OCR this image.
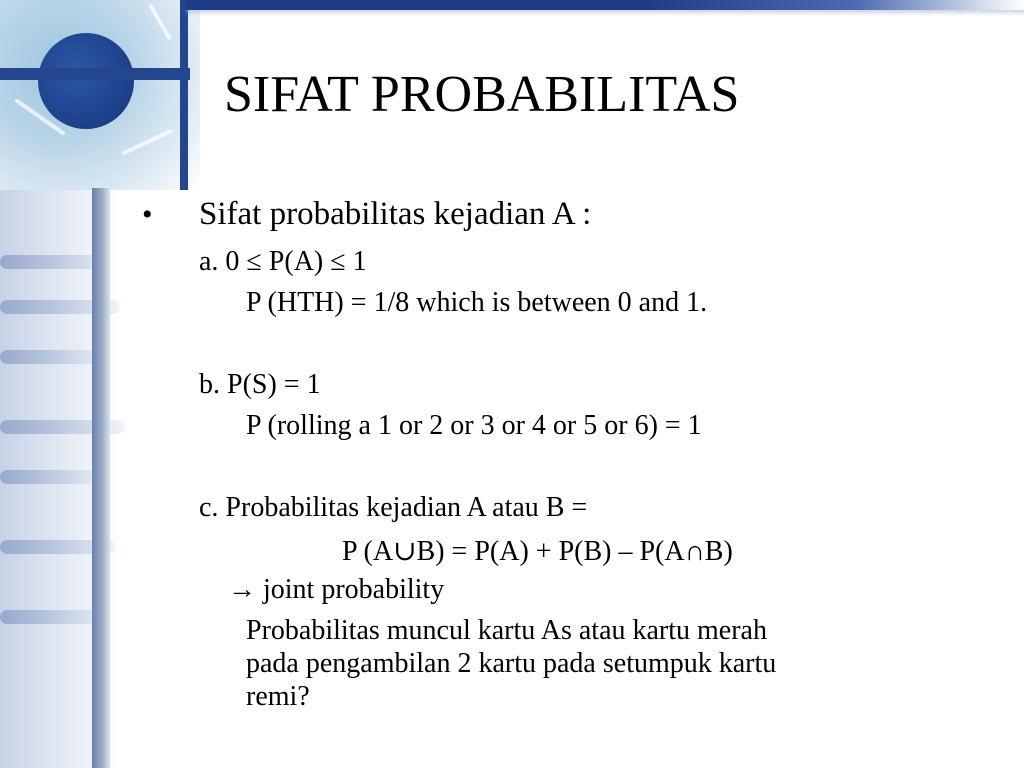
SIFAT PROBABILITAS
• Sifat probabilitas kejadian A :

a. 0 ≤ P(A) ≤ 1

P (HTH) = 1/8 which is between 0 and 1.

b. P(S) = 1

P (rolling a 1 or 2 or 3 or 4 or 5 or 6) = 1

c. Probabilitas kejadian A atau B =

P (A∪B) = P(A) + P(B) – P(A∩B)

→ joint probability

Probabilitas muncul kartu As atau kartu merah

pada pengambilan 2 kartu pada setumpuk kartu

remi?
